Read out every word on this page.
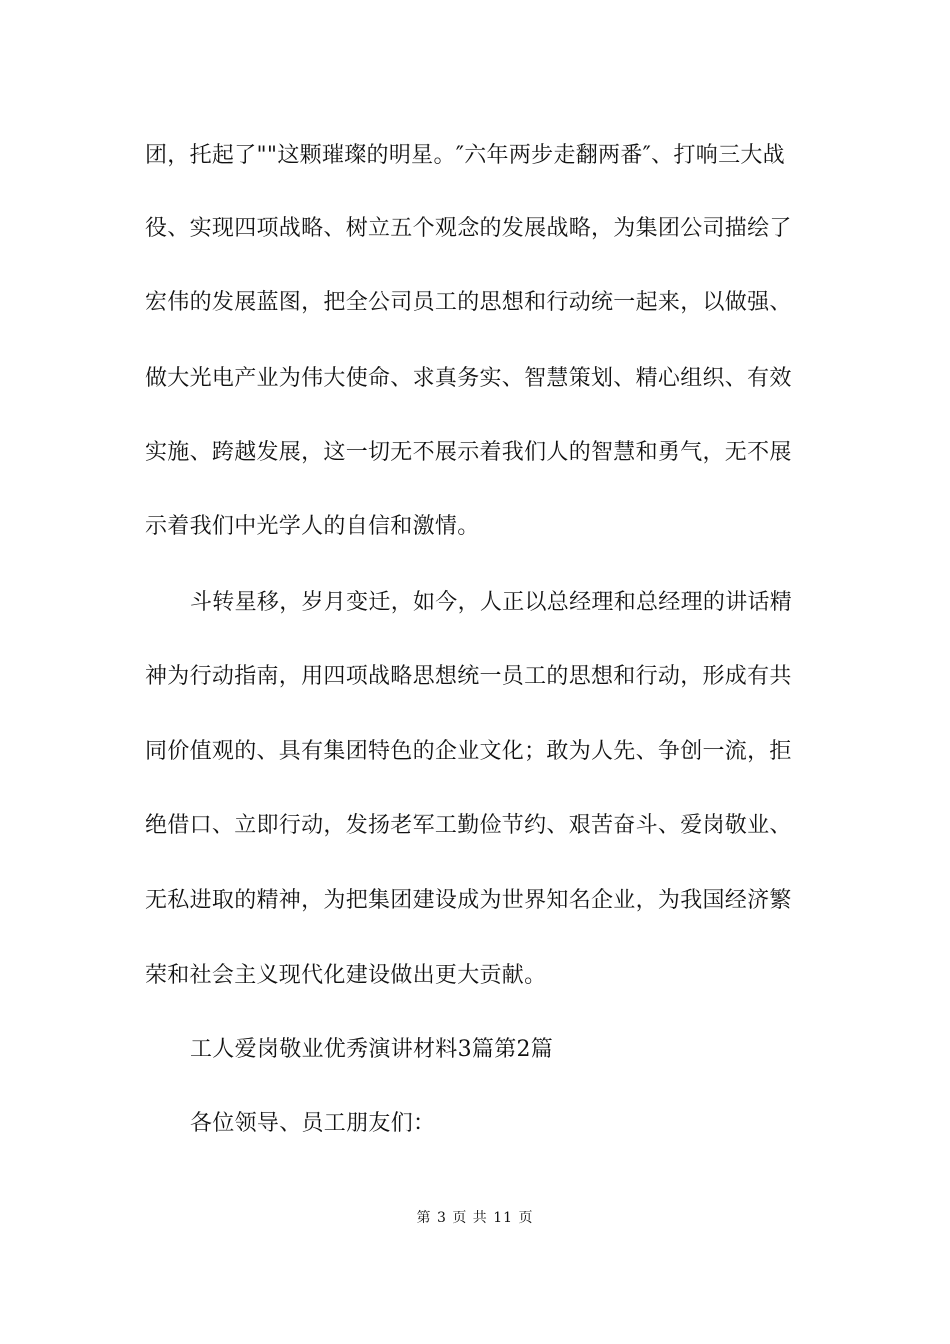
团，托起了""这颗璀璨的明星。″六年两步走翻两番″、打响三大战
役、实现四项战略、树立五个观念的发展战略，为集团公司描绘了
宏伟的发展蓝图，把全公司员工的思想和行动统一起来，以做强、
做大光电产业为伟大使命、求真务实、智慧策划、精心组织、有效
实施、跨越发展，这一切无不展示着我们人的智慧和勇气，无不展
示着我们中光学人的自信和激情。
斗转星移，岁月变迁，如今，人正以总经理和总经理的讲话精
神为行动指南，用四项战略思想统一员工的思想和行动，形成有共
同价值观的、具有集团特色的企业文化；敢为人先、争创一流，拒
绝借口、立即行动，发扬老军工勤俭节约、艰苦奋斗、爱岗敬业、
无私进取的精神，为把集团建设成为世界知名企业，为我国经济繁
荣和社会主义现代化建设做出更大贡献。
工人爱岗敬业优秀演讲材料3篇第2篇
各位领导、员工朋友们：
第 3 页 共 11 页
